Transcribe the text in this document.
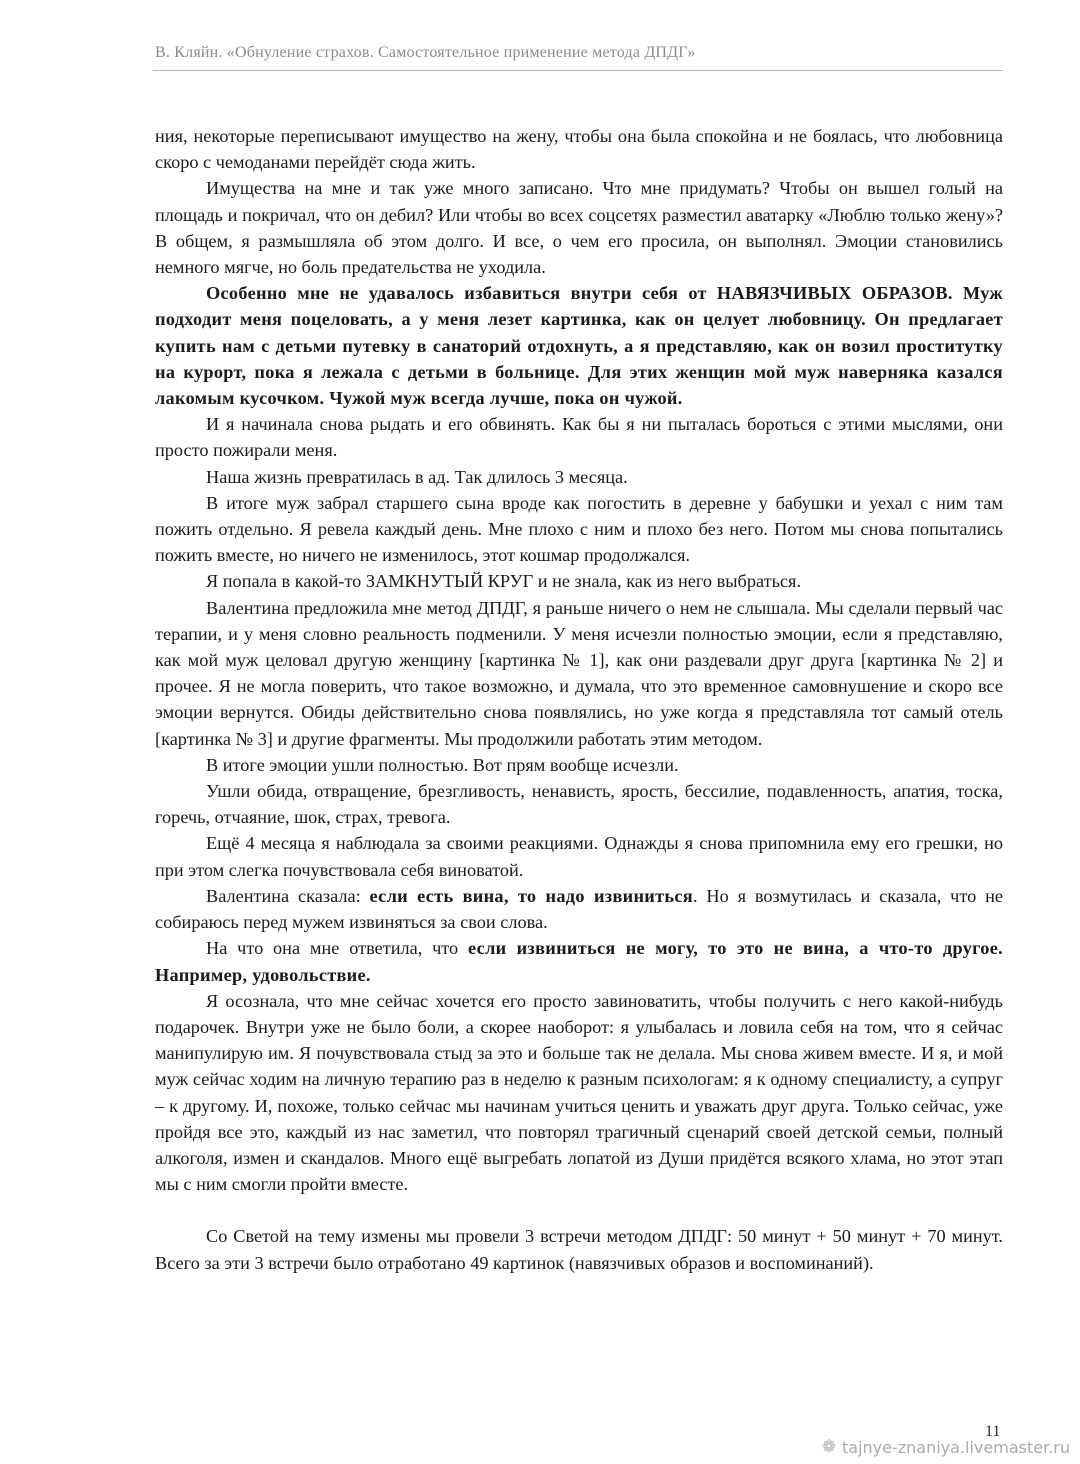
В. Кляйн. «Обнуление страхов. Самостоятельное применение метода ДПДГ»

ния, некоторые переписывают имущество на жену, чтобы она была спокойна и не боялась, что любовница скоро с чемоданами перейдёт сюда жить.

Имущества на мне и так уже много записано. Что мне придумать? Чтобы он вышел голый на площадь и покричал, что он дебил? Или чтобы во всех соцсетях разместил аватарку «Люблю только жену»? В общем, я размышляла об этом долго. И все, о чем его просила, он выполнял. Эмоции становились немного мягче, но боль предательства не уходила.

Особенно мне не удавалось избавиться внутри себя от НАВЯЗЧИВЫХ ОБРАЗОВ. Муж подходит меня поцеловать, а у меня лезет картинка, как он целует любовницу. Он предлагает купить нам с детьми путевку в санаторий отдохнуть, а я представляю, как он возил проститутку на курорт, пока я лежала с детьми в больнице. Для этих женщин мой муж наверняка казался лакомым кусочком. Чужой муж всегда лучше, пока он чужой.

И я начинала снова рыдать и его обвинять. Как бы я ни пыталась бороться с этими мыслями, они просто пожирали меня.

Наша жизнь превратилась в ад. Так длилось 3 месяца.

В итоге муж забрал старшего сына вроде как погостить в деревне у бабушки и уехал с ним там пожить отдельно. Я ревела каждый день. Мне плохо с ним и плохо без него. Потом мы снова попытались пожить вместе, но ничего не изменилось, этот кошмар продолжался.

Я попала в какой-то ЗАМКНУТЫЙ КРУГ и не знала, как из него выбраться.

Валентина предложила мне метод ДПДГ, я раньше ничего о нем не слышала. Мы сделали первый час терапии, и у меня словно реальность подменили. У меня исчезли полностью эмоции, если я представляю, как мой муж целовал другую женщину [картинка № 1], как они раздевали друг друга [картинка № 2] и прочее. Я не могла поверить, что такое возможно, и думала, что это временное самовнушение и скоро все эмоции вернутся. Обиды действительно снова появлялись, но уже когда я представляла тот самый отель [картинка № 3] и другие фрагменты. Мы продолжили работать этим методом.

В итоге эмоции ушли полностью. Вот прям вообще исчезли.

Ушли обида, отвращение, брезгливость, ненависть, ярость, бессилие, подавленность, апатия, тоска, горечь, отчаяние, шок, страх, тревога.

Ещё 4 месяца я наблюдала за своими реакциями. Однажды я снова припомнила ему его грешки, но при этом слегка почувствовала себя виноватой.

Валентина сказала: если есть вина, то надо извиниться. Но я возмутилась и сказала, что не собираюсь перед мужем извиняться за свои слова.

На что она мне ответила, что если извиниться не могу, то это не вина, а что-то другое. Например, удовольствие.

Я осознала, что мне сейчас хочется его просто завиноватить, чтобы получить с него какой-нибудь подарочек. Внутри уже не было боли, а скорее наоборот: я улыбалась и ловила себя на том, что я сейчас манипулирую им. Я почувствовала стыд за это и больше так не делала. Мы снова живем вместе. И я, и мой муж сейчас ходим на личную терапию раз в неделю к разным психологам: я к одному специалисту, а супруг – к другому. И, похоже, только сейчас мы начинам учиться ценить и уважать друг друга. Только сейчас, уже пройдя все это, каждый из нас заметил, что повторял трагичный сценарий своей детской семьи, полный алкоголя, измен и скандалов. Много ещё выгребать лопатой из Души придётся всякого хлама, но этот этап мы с ним смогли пройти вместе.

Со Светой на тему измены мы провели 3 встречи методом ДПДГ: 50 минут + 50 минут + 70 минут. Всего за эти 3 встречи было отработано 49 картинок (навязчивых образов и воспоминаний).

11
❁ tajnye-znaniya.livemaster.ru
